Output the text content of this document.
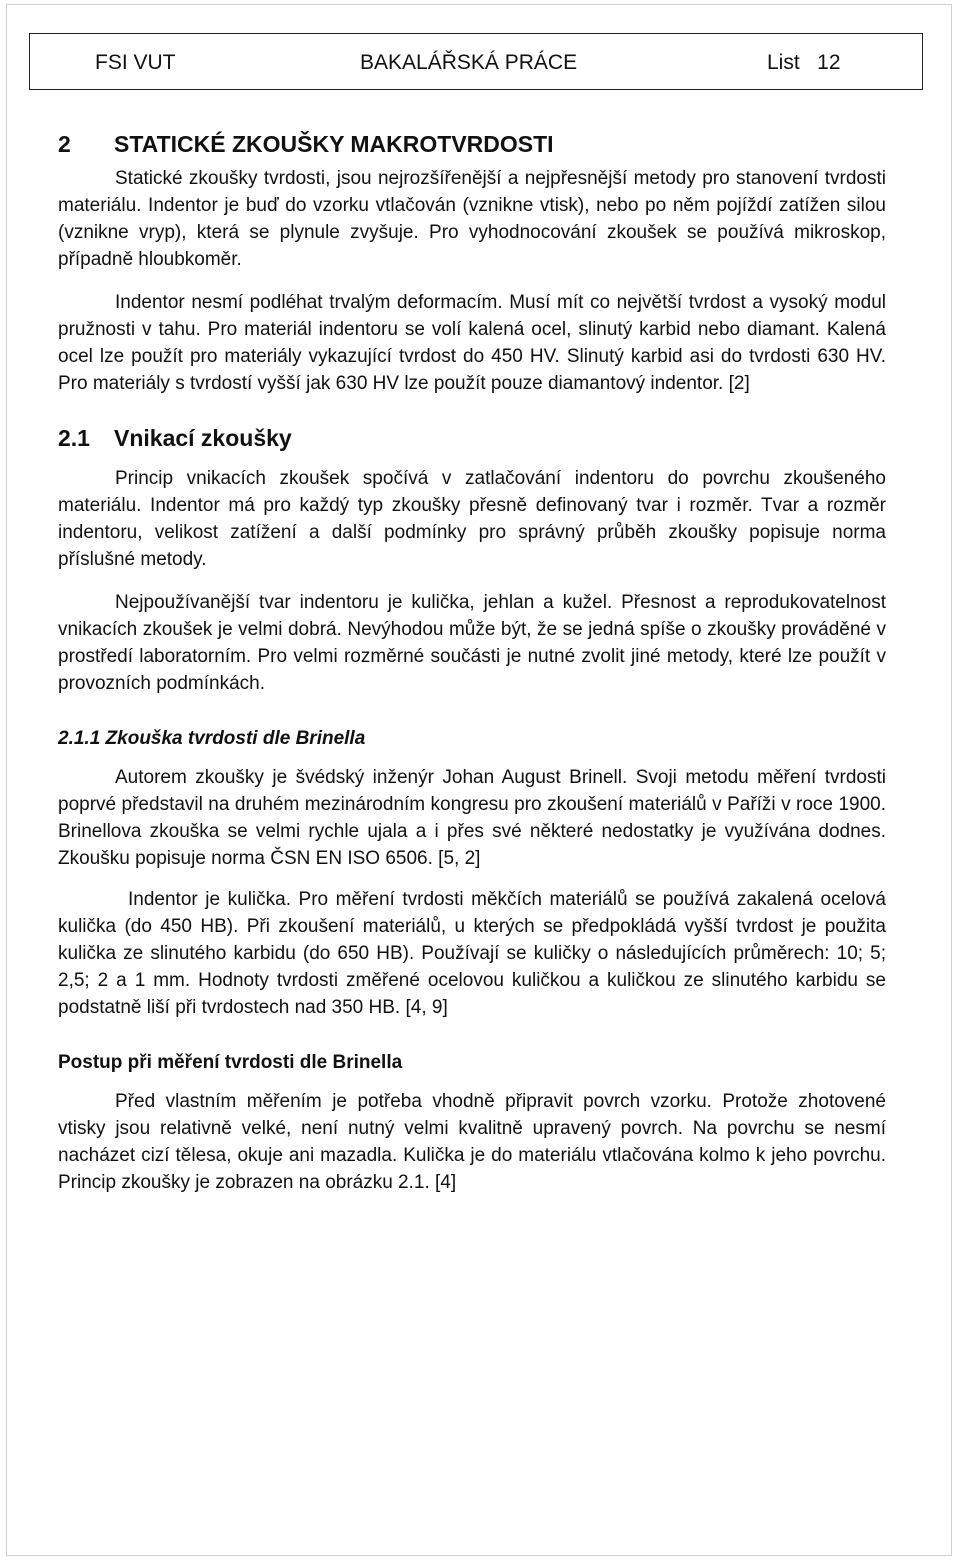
FSI VUT	BAKALÁŘSKÁ PRÁCE	List   12
2 STATICKÉ ZKOUŠKY MAKROTVRDOSTI

Statické zkoušky tvrdosti, jsou nejrozšířenější a nejpřesnější metody pro stanovení tvrdosti materiálu. Indentor je buď do vzorku vtlačován (vznikne vtisk), nebo po něm pojíždí zatížen silou (vznikne vryp), která se plynule zvyšuje. Pro vyhodnocování zkoušek se používá mikroskop, případně hloubkoměr.

Indentor nesmí podléhat trvalým deformacím. Musí mít co největší tvrdost a vysoký modul pružnosti v tahu. Pro materiál indentoru se volí kalená ocel, slinutý karbid nebo diamant. Kalená ocel lze použít pro materiály vykazující tvrdost do 450 HV. Slinutý karbid asi do tvrdosti 630 HV. Pro materiály s tvrdostí vyšší jak 630 HV lze použít pouze diamantový indentor. [2]

2.1 Vnikací zkoušky

Princip vnikacích zkoušek spočívá v zatlačování indentoru do povrchu zkoušeného materiálu. Indentor má pro každý typ zkoušky přesně definovaný tvar i rozměr. Tvar a rozměr indentoru, velikost zatížení a další podmínky pro správný průběh zkoušky popisuje norma příslušné metody.

Nejpoužívanější tvar indentoru je kulička, jehlan a kužel. Přesnost a reprodukovatelnost vnikacích zkoušek je velmi dobrá. Nevýhodou může být, že se jedná spíše o zkoušky prováděné v prostředí laboratorním. Pro velmi rozměrné součásti je nutné zvolit jiné metody, které lze použít v provozních podmínkách.

2.1.1 Zkouška tvrdosti dle Brinella

Autorem zkoušky je švédský inženýr Johan August Brinell. Svoji metodu měření tvrdosti poprvé představil na druhém mezinárodním kongresu pro zkoušení materiálů v Paříži v roce 1900. Brinellova zkouška se velmi rychle ujala a i přes své některé nedostatky je využívána dodnes. Zkoušku popisuje norma ČSN EN ISO 6506. [5, 2]

Indentor je kulička. Pro měření tvrdosti měkčích materiálů se používá zakalená ocelová kulička (do 450 HB). Při zkoušení materiálů, u kterých se předpokládá vyšší tvrdost je použita kulička ze slinutého karbidu (do 650 HB). Používají se kuličky o následujících průměrech: 10; 5; 2,5; 2 a 1 mm. Hodnoty tvrdosti změřené ocelovou kuličkou a kuličkou ze slinutého karbidu se podstatně liší při tvrdostech nad 350 HB. [4, 9]

Postup při měření tvrdosti dle Brinella

Před vlastním měřením je potřeba vhodně připravit povrch vzorku. Protože zhotovené vtisky jsou relativně velké, není nutný velmi kvalitně upravený povrch. Na povrchu se nesmí nacházet cizí tělesa, okuje ani mazadla. Kulička je do materiálu vtlačována kolmo k jeho povrchu. Princip zkoušky je zobrazen na obrázku 2.1. [4]
